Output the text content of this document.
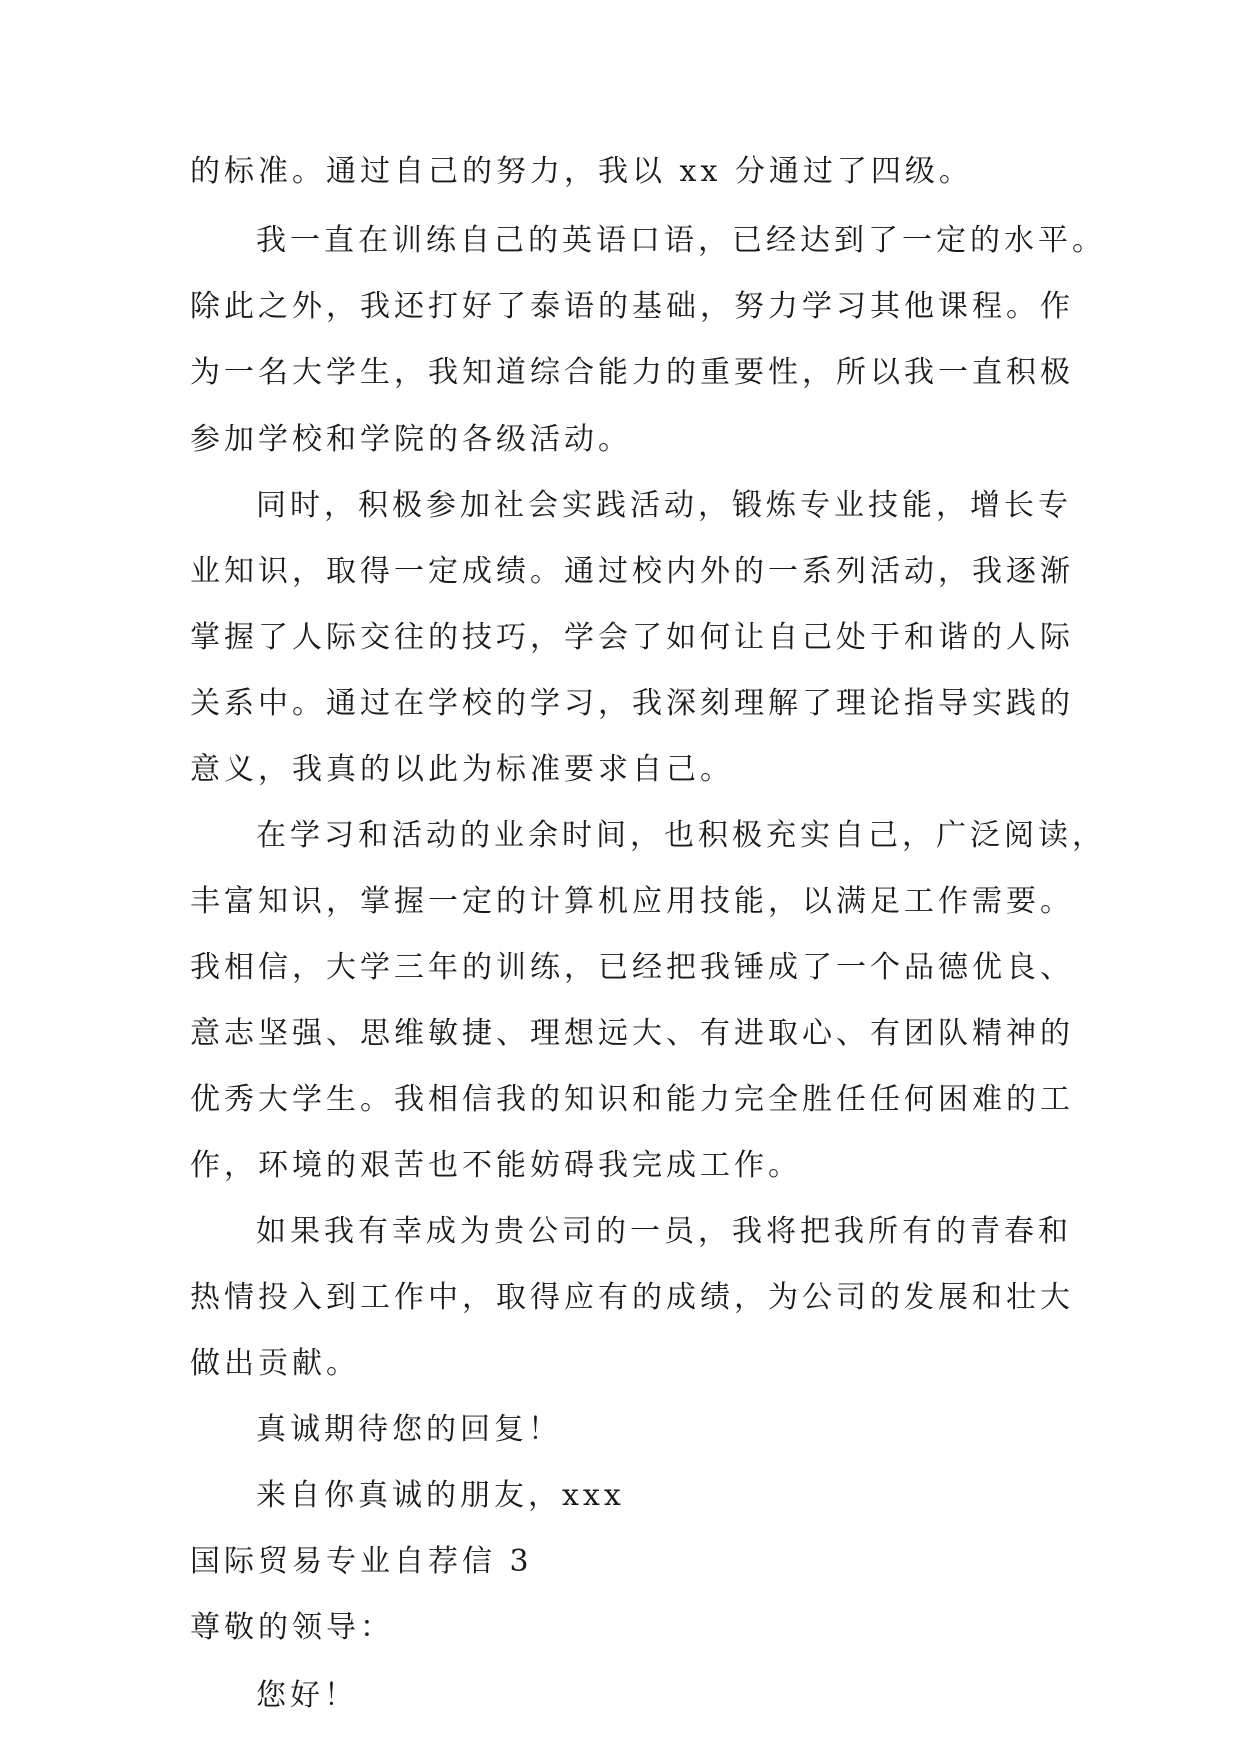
的标准。通过自己的努力，我以 xx 分通过了四级。

我一直在训练自己的英语口语，已经达到了一定的水平。

除此之外，我还打好了泰语的基础，努力学习其他课程。作

为一名大学生，我知道综合能力的重要性，所以我一直积极

参加学校和学院的各级活动。

同时，积极参加社会实践活动，锻炼专业技能，增长专

业知识，取得一定成绩。通过校内外的一系列活动，我逐渐

掌握了人际交往的技巧，学会了如何让自己处于和谐的人际

关系中。通过在学校的学习，我深刻理解了理论指导实践的

意义，我真的以此为标准要求自己。

在学习和活动的业余时间，也积极充实自己，广泛阅读，

丰富知识，掌握一定的计算机应用技能，以满足工作需要。

我相信，大学三年的训练，已经把我锤成了一个品德优良、

意志坚强、思维敏捷、理想远大、有进取心、有团队精神的

优秀大学生。我相信我的知识和能力完全胜任任何困难的工

作，环境的艰苦也不能妨碍我完成工作。

如果我有幸成为贵公司的一员，我将把我所有的青春和

热情投入到工作中，取得应有的成绩，为公司的发展和壮大

做出贡献。

真诚期待您的回复！

来自你真诚的朋友，xxx

国际贸易专业自荐信 3

尊敬的领导：

您好！
